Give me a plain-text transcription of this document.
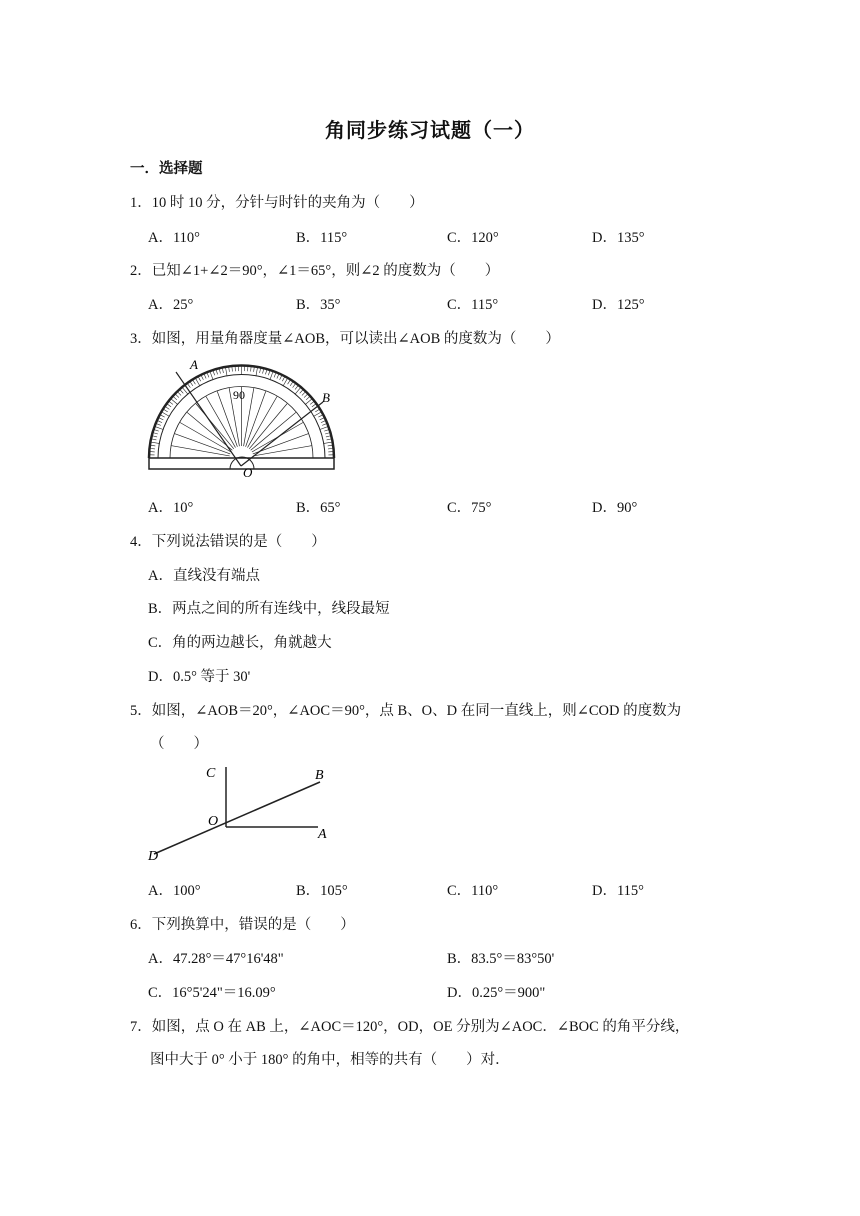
角同步练习试题（一）
一．选择题
1．10 时 10 分，分针与时针的夹角为（　　）
A．110°	B．115°	C．120°	D．135°
2．已知∠1+∠2＝90°，∠1＝65°，则∠2 的度数为（　　）
A．25°	B．35°	C．115°	D．125°
3．如图，用量角器度量∠AOB，可以读出∠AOB 的度数为（　　）
A
B
O
90
A．10°	B．65°	C．75°	D．90°
4．下列说法错误的是（　　）
A．直线没有端点
B．两点之间的所有连线中，线段最短
C．角的两边越长，角就越大
D．0.5° 等于 30'
5．如图，∠AOB＝20°，∠AOC＝90°，点 B、O、D 在同一直线上，则∠COD 的度数为
（　　）
C	B
O
A
D
A．100°	B．105°	C．110°	D．115°
6．下列换算中，错误的是（　　）
A．47.28°＝47°16'48"	B．83.5°＝83°50'
C．16°5'24"＝16.09°	D．0.25°＝900"
7．如图，点 O 在 AB 上，∠AOC＝120°，OD，OE 分别为∠AOC．∠BOC 的角平分线，
图中大于 0° 小于 180° 的角中，相等的共有（　　）对．
